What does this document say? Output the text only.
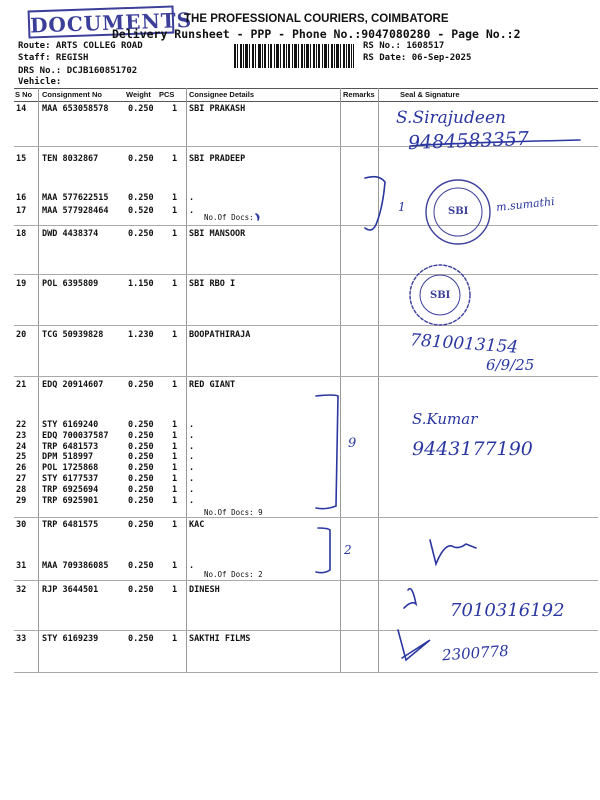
DOCUMENTS
THE PROFESSIONAL COURIERS, COIMBATORE
Delivery Runsheet - PPP - Phone No.:9047080280 - Page No.:2
Route: ARTS COLLEG ROAD
Staff: REGISH
DRS No.: DCJB160851702
Vehicle:
RS No.: 1608517
RS Date: 06-Sep-2025
S No Consignment No	Weight PCS Consignee Details	Remarks	Seal & Signature
14 MAA 653058578 0.250 1 SBI PRAKASH
15 TEN 8032867	0.250 1 SBI PRADEEP
16 MAA 577622515 0.250 1 .
17 MAA 577928464 0.520 1 .
18 DWD 4438374	0.250 1 SBI MANSOOR
19 POL 6395809	1.150 1 SBI RBO I
20 TCG 50939828	1.230 1 BOOPATHIRAJA
21 EDQ 20914607	0.250 1 RED GIANT
22 STY 6169240	0.250 1 .
23 EDQ 700037587 0.250 1 .
24 TRP 6481573	0.250 1 .
25 DPM 518997	0.250 1 .
26 POL 1725868	0.250 1 .
27 STY 6177537	0.250 1 .
28 TRP 6925694	0.250 1 .
29 TRP 6925901	0.250 1 .
30 TRP 6481575	0.250 1 KAC
31 MAA 709386085 0.250 1 .
32 RJP 3644501	0.250 1 DINESH
33 STY 6169239	0.250 1 SAKTHI FILMS
No.Of Docs:
No.Of Docs: 9
No.Of Docs: 2
S.Sirajudeen
9484583357
1	m.sumathi
SBI
SBI
7810013154
6/9/25
9
S.Kumar
9443177190
2
7010316192
2300778
